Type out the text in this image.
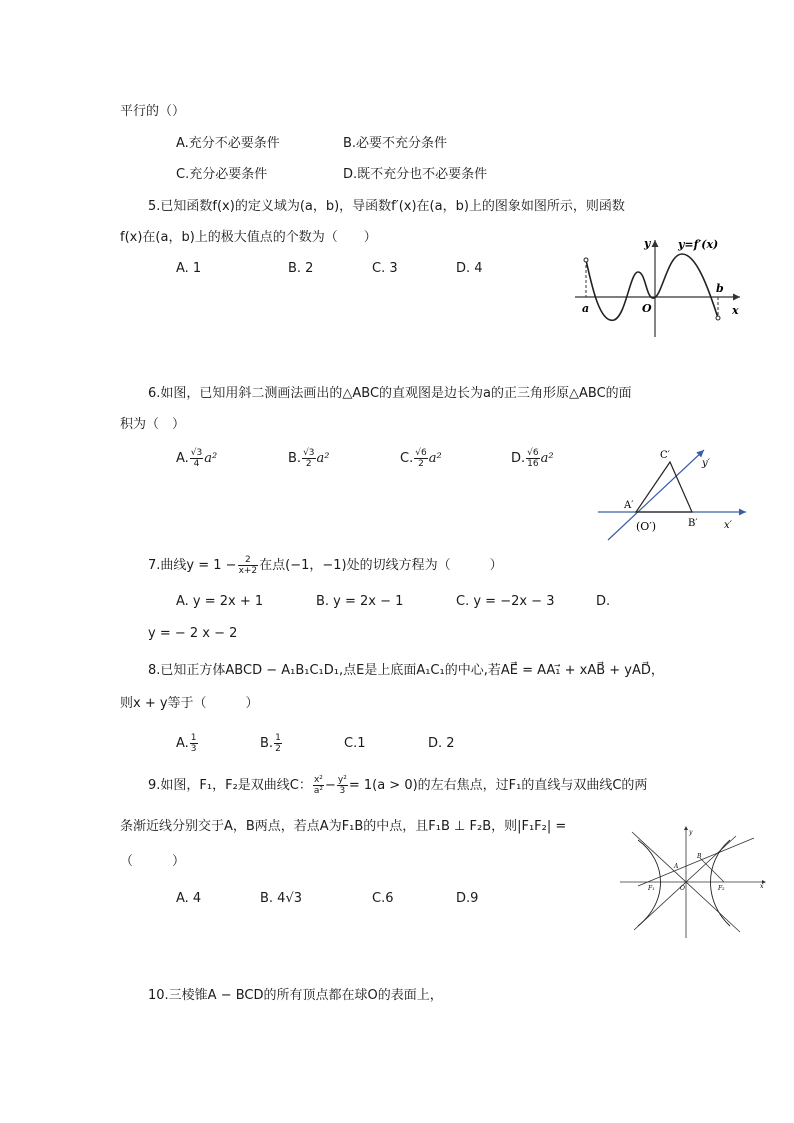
平行的（）
A.充分不必要条件	B.必要不充分条件
C.充分必要条件	D.既不充分也不必要条件
5.已知函数f(x)的定义域为(a，b)，导函数f′(x)在(a，b)上的图象如图所示，则函数
f(x)在(a，b)上的极大值点的个数为（　　）
A. 1	B. 2	C. 3	D. 4
y	y=f′(x)
a	O
b
x
6.如图，已知用斜二测画法画出的△ABC的直观图是边长为a的正三角形原△ABC的面
积为（　）
A. $\frac{√3}{4} a^2$	B. $\frac{√3}{2} a^2$	C. $\frac{√6}{2} a^2$	D. $\frac{√6}{16} a^2$	C′
y′
A′
(O′)	B′	x′
7.曲线$y = 1 - \frac{2}{x+2}$ 在点(−1，−1)处的切线方程为（　　　）
A. y = 2x + 1	B. y = 2x − 1	C. y = −2x − 3	D.
y = − 2 x − 2
8.已知正方体ABCD − A₁B₁C₁D₁,点E是上底面A₁C₁的中心,若AE⃗ = AA₁⃗ + xAB⃗ + yAD⃗，
则x + y等于（　　　）
A. $\frac{1}{3}$	B. $\frac{1}{2}$	C.1	D. 2
9.如图，F₁，F₂是双曲线C： $\frac{\text{x²}}{\text{a²}} - \frac{\text{y²}}{3} = 1(a > 0)$的左右焦点，过F₁的直线与双曲线C的两
条渐近线分别交于A，B两点，若点A为F₁B的中点，且F₁B ⊥ F₂B，则|F₁F₂| =
（　　　）
A. 4	B. 4√3	C.6	D.9
y
B
A
F₁	O	F₂	x
10.三棱锥A − BCD的所有顶点都在球O的表面上，
